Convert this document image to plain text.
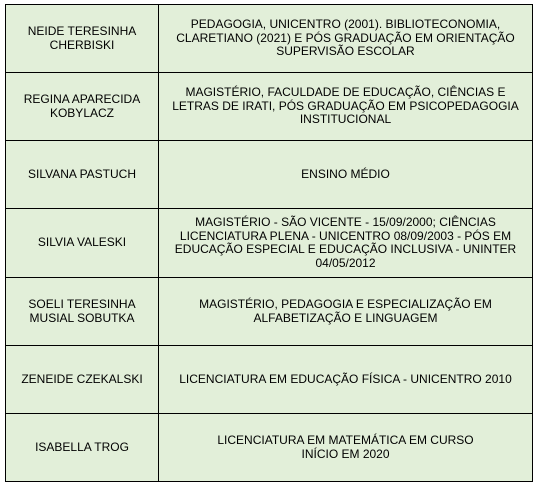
NEIDE TERESINHA
CHERBISKI	PEDAGOGIA, UNICENTRO (2001). BIBLIOTECONOMIA,
CLARETIANO (2021) E PÓS GRADUAÇÃO EM ORIENTAÇÃO
SUPERVISÃO ESCOLAR
REGINA APARECIDA
KOBYLACZ	MAGISTÉRIO, FACULDADE DE EDUCAÇÃO, CIÊNCIAS E
LETRAS DE IRATI, PÓS GRADUAÇÃO EM PSICOPEDAGOGIA
INSTITUCIONAL
SILVANA PASTUCH	ENSINO MÉDIO
SILVIA VALESKI	MAGISTÉRIO - SÃO VICENTE - 15/09/2000; CIÊNCIAS
LICENCIATURA PLENA - UNICENTRO 08/09/2003 - PÓS EM
EDUCAÇÃO ESPECIAL E EDUCAÇÃO INCLUSIVA - UNINTER
04/05/2012
SOELI TERESINHA
MUSIAL SOBUTKA	MAGISTÉRIO, PEDAGOGIA E ESPECIALIZAÇÃO EM
ALFABETIZAÇÃO E LINGUAGEM
ZENEIDE CZEKALSKI	LICENCIATURA EM EDUCAÇÃO FÍSICA - UNICENTRO 2010
ISABELLA TROG	LICENCIATURA EM MATEMÁTICA EM CURSO
INÍCIO EM 2020
